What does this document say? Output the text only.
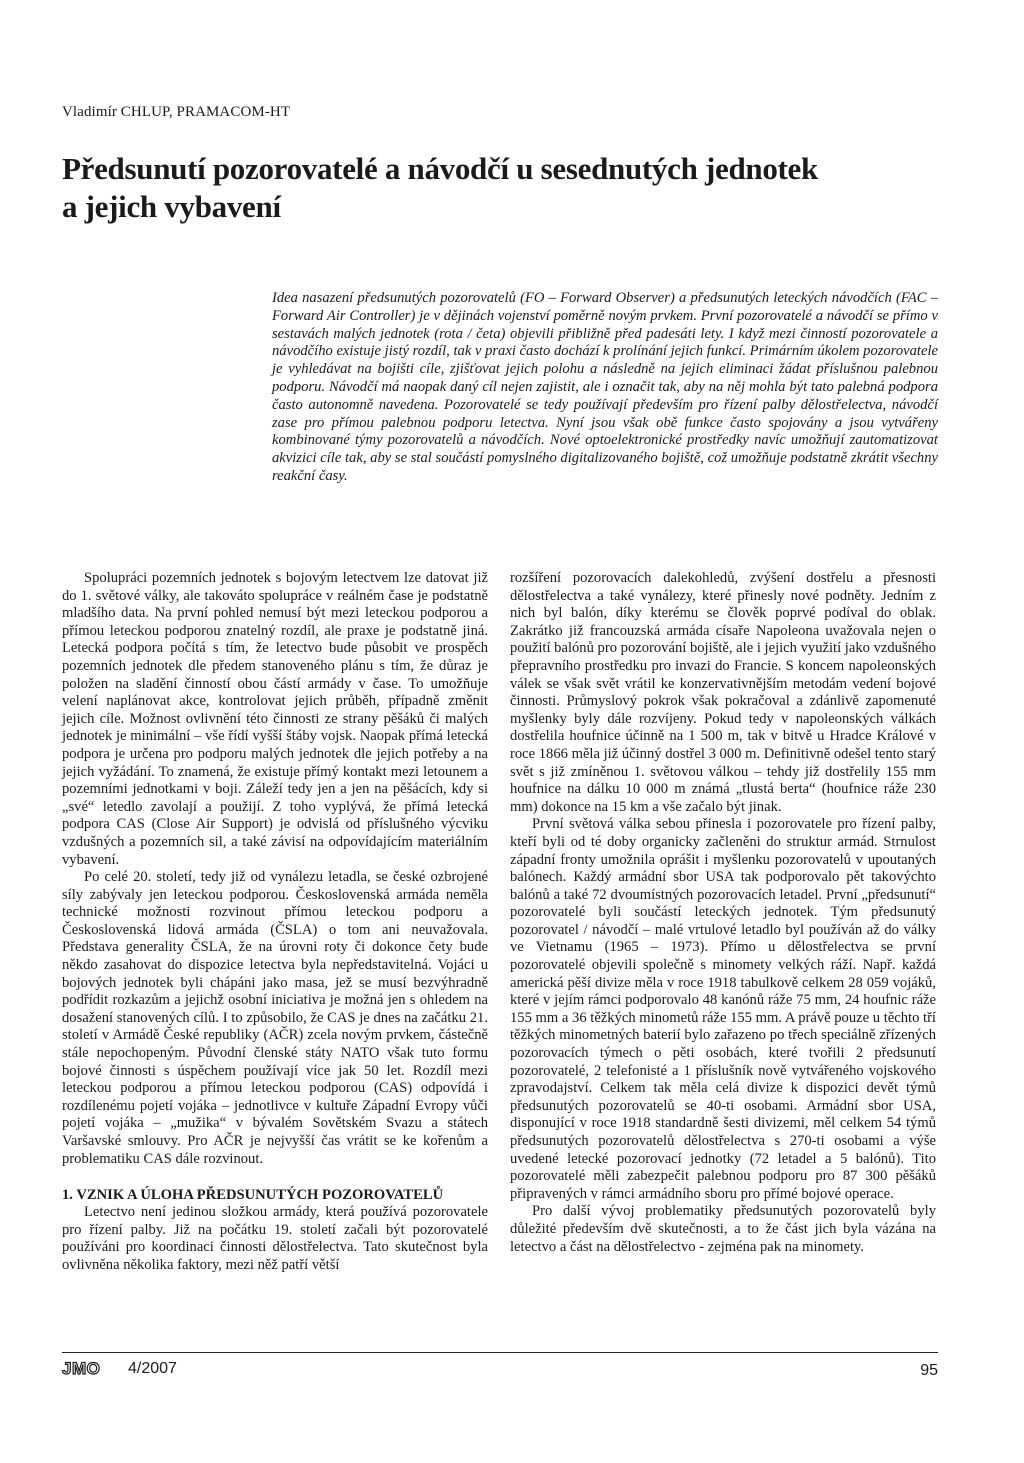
Vladimír CHLUP, PRAMACOM-HT
Předsunutí pozorovatelé a návodčí u sesednutých jednotek
a jejich vybavení

Idea nasazení předsunutých pozorovatelů (FO – Forward Observer) a předsunutých leteckých návodčích (FAC – Forward Air Controller) je v dějinách vojenství poměrně novým prvkem. První pozorovatelé a návodčí se přímo v sestavách malých jednotek (rota / četa) objevili přibližně před padesáti lety. I když mezi činností pozorovatele a návodčího existuje jistý rozdíl, tak v praxi často dochází k prolínání jejich funkcí. Primárním úkolem pozorovatele je vyhledávat na bojišti cíle, zjišťovat jejich polohu a následně na jejich eliminaci žádat příslušnou palebnou podporu. Návodčí má naopak daný cíl nejen zajistit, ale i označit tak, aby na něj mohla být tato palebná podpora často autonomně navedena. Pozorovatelé se tedy používají především pro řízení palby dělostřelectva, návodčí zase pro přímou palebnou podporu letectva. Nyní jsou však obě funkce často spojovány a jsou vytvářeny kombinované týmy pozorovatelů a návodčích. Nové optoelektronické prostředky navíc umožňují zautomatizovat akvizici cíle tak, aby se stal součástí pomyslného digitalizovaného bojiště, což umožňuje podstatně zkrátit všechny reakční časy.

Spolupráci pozemních jednotek s bojovým letectvem lze datovat již do 1. světové války, ale takováto spolupráce v reálném čase je podstatně mladšího data. Na první pohled nemusí být mezi leteckou podporou a přímou leteckou podporou znatelný rozdíl, ale praxe je podstatně jiná. Letecká podpora počítá s tím, že letectvo bude působit ve prospěch pozemních jednotek dle předem stanoveného plánu s tím, že důraz je položen na sladění činností obou částí armády v čase. To umožňuje velení naplánovat akce, kontrolovat jejich průběh, případně změnit jejich cíle. Možnost ovlivnění této činnosti ze strany pěšáků či malých jednotek je minimální – vše řídí vyšší štáby vojsk. Naopak přímá letecká podpora je určena pro podporu malých jednotek dle jejich potřeby a na jejich vyžádání. To znamená, že existuje přímý kontakt mezi letounem a pozemními jednotkami v boji. Záleží tedy jen a jen na pěšácích, kdy si „své“ letedlo zavolají a použijí. Z toho vyplývá, že přímá letecká podpora CAS (Close Air Support) je odvislá od příslušného výcviku vzdušných a pozemních sil, a také závisí na odpovídajícím materiálním vybavení.

Po celé 20. století, tedy již od vynálezu letadla, se české ozbrojené síly zabývaly jen leteckou podporou. Československá armáda neměla technické možnosti rozvinout přímou leteckou podporu a Československá lidová armáda (ČSLA) o tom ani neuvažovala. Představa generality ČSLA, že na úrovni roty či dokonce čety bude někdo zasahovat do dispozice letectva byla nepředstavitelná. Vojáci u bojových jednotek byli chápáni jako masa, jež se musí bezvýhradně podřídit rozkazům a jejichž osobní iniciativa je možná jen s ohledem na dosažení stanovených cílů. I to způsobilo, že CAS je dnes na začátku 21. století v Armádě České republiky (AČR) zcela novým prvkem, částečně stále nepochopeným. Původní členské státy NATO však tuto formu bojové činnosti s úspěchem používají více jak 50 let. Rozdíl mezi leteckou podporou a přímou leteckou podporou (CAS) odpovídá i rozdílenému pojetí vojáka – jednotlivce v kultuře Západní Evropy vůči pojetí vojáka – „mužika“ v bývalém Sovětském Svazu a státech Varšavské smlouvy. Pro AČR je nejvyšší čas vrátit se ke kořenům a problematiku CAS dále rozvinout.

1. VZNIK A ÚLOHA PŘEDSUNUTÝCH POZOROVATELŮ

Letectvo není jedinou složkou armády, která používá pozorovatele pro řízení palby. Již na počátku 19. století začali být pozorovatelé používáni pro koordinaci činnosti dělostřelectva. Tato skutečnost byla ovlivněna několika faktory, mezi něž patří větší

rozšíření pozorovacích dalekohledů, zvýšení dostřelu a přesnosti dělostřelectva a také vynálezy, které přinesly nové podněty. Jedním z nich byl balón, díky kterému se člověk poprvé podíval do oblak. Zakrátko již francouzská armáda císaře Napoleona uvažovala nejen o použití balónů pro pozorování bojiště, ale i jejich využití jako vzdušného přepravního prostředku pro invazi do Francie. S koncem napoleonských válek se však svět vrátil ke konzervativnějším metodám vedení bojové činnosti. Průmyslový pokrok však pokračoval a zdánlivě zapomenuté myšlenky byly dále rozvíjeny. Pokud tedy v napoleonských válkách dostřelila houfnice účinně na 1 500 m, tak v bitvě u Hradce Králové v roce 1866 měla již účinný dostřel 3 000 m. Definitivně odešel tento starý svět s již zmíněnou 1. světovou válkou – tehdy již dostřelily 155 mm houfnice na dálku 10 000 m známá „tlustá berta“ (houfnice ráže 230 mm) dokonce na 15 km a vše začalo být jinak.

První světová válka sebou přinesla i pozorovatele pro řízení palby, kteří byli od té doby organicky začleněni do struktur armád. Strnulost západní fronty umožnila oprášit i myšlenku pozorovatelů v upoutaných balónech. Každý armádní sbor USA tak podporovalo pět takovýchto balónů a také 72 dvoumístných pozorovacích letadel. První „předsunutí“ pozorovatelé byli součástí leteckých jednotek. Tým předsunutý pozorovatel / návodčí – malé vrtulové letadlo byl používán až do války ve Vietnamu (1965 – 1973). Přímo u dělostřelectva se první pozorovatelé objevili společně s minomety velkých ráží. Např. každá americká pěší divize měla v roce 1918 tabulkově celkem 28 059 vojáků, které v jejím rámci podporovalo 48 kanónů ráže 75 mm, 24 houfnic ráže 155 mm a 36 těžkých minometů ráže 155 mm. A právě pouze u těchto tří těžkých minometných baterií bylo zařazeno po třech speciálně zřízených pozorovacích týmech o pěti osobách, které tvořili 2 předsunutí pozorovatelé, 2 telefonisté a 1 příslušník nově vytvářeného vojskového zpravodajství. Celkem tak měla celá divize k dispozici devět týmů předsunutých pozorovatelů se 40-ti osobami. Armádní sbor USA, disponující v roce 1918 standardně šesti divizemi, měl celkem 54 týmů předsunutých pozorovatelů dělostřelectva s 270-ti osobami a výše uvedené letecké pozorovací jednotky (72 letadel a 5 balónů). Tito pozorovatelé měli zabezpečit palebnou podporu pro 87 300 pěšáků připravených v rámci armádního sboru pro přímé bojové operace.

Pro další vývoj problematiky předsunutých pozorovatelů byly důležité především dvě skutečnosti, a to že část jich byla vázána na letectvo a část na dělostřelectvo - zejména pak na minomety.

JMO 4/2007	95
